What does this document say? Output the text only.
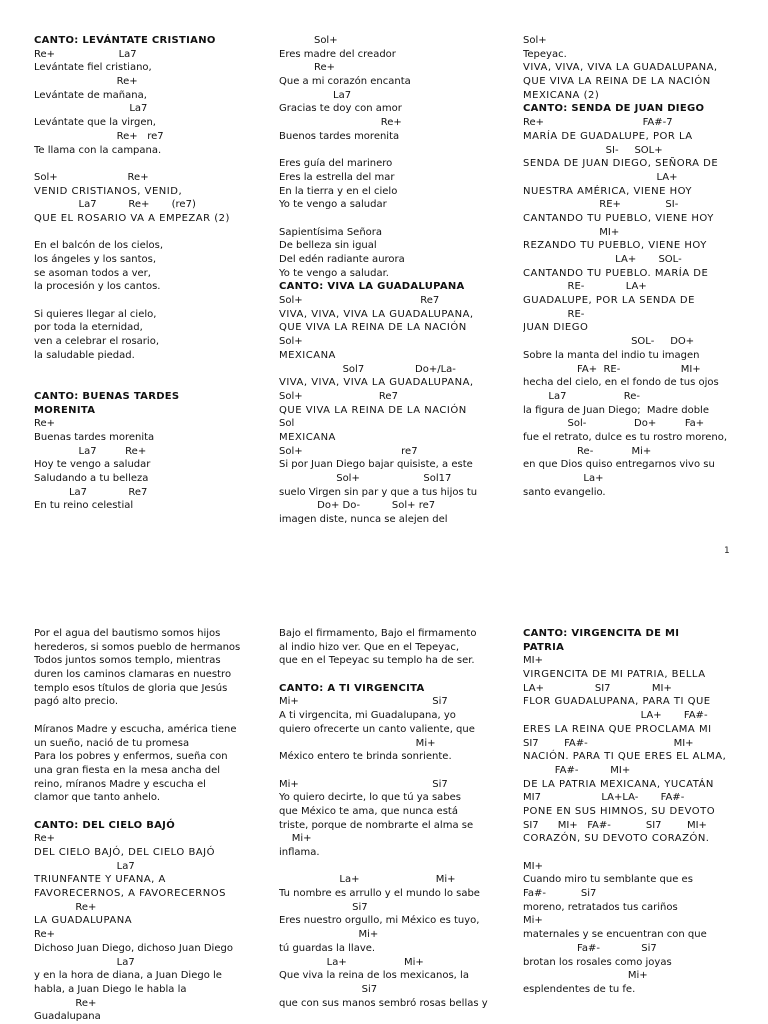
CANTO: LEVÁNTATE CRISTIANO
Re+                    La7
Levántate fiel cristiano,
Re+
Levántate de mañana,
La7
Levántate que la virgen,
Re+   re7
Te llama con la campana.
Sol+                      Re+
VENID CRISTIANOS, VENID,
La7          Re+       (re7)
QUE EL ROSARIO VA A EMPEZAR (2)
En el balcón de los cielos,
los ángeles y los santos,
se asoman todos a ver,
la procesión y los cantos.
Si quieres llegar al cielo,
por toda la eternidad,
ven a celebrar el rosario,
la saludable piedad.
CANTO: BUENAS TARDES
MORENITA
Re+
Buenas tardes morenita
La7         Re+
Hoy te vengo a saludar
Saludando a tu belleza
La7             Re7
En tu reino celestial
Sol+
Eres madre del creador
Re+
Que a mi corazón encanta
La7
Gracias te doy con amor
Re+
Buenos tardes morenita
Eres guía del marinero
Eres la estrella del mar
En la tierra y en el cielo
Yo te vengo a saludar
Sapientísima Señora
De belleza sin igual
Del edén radiante aurora
Yo te vengo a saludar.
CANTO: VIVA LA GUADALUPANA
Sol+                                     Re7
VIVA, VIVA, VIVA LA GUADALUPANA,
QUE VIVA LA REINA DE LA NACIÓN
Sol+
MEXICANA
Sol7                Do+/La-
VIVA, VIVA, VIVA LA GUADALUPANA,
Sol+                        Re7
QUE VIVA LA REINA DE LA NACIÓN
Sol
MEXICANA
Sol+                               re7
Si por Juan Diego bajar quisiste, a este
Sol+                    Sol17
suelo Virgen sin par y que a tus hijos tu
Do+ Do-          Sol+ re7
imagen diste, nunca se alejen del
Sol+
Tepeyac.
VIVA, VIVA, VIVA LA GUADALUPANA,
QUE VIVA LA REINA DE LA NACIÓN
MEXICANA (2)
CANTO: SENDA DE JUAN DIEGO
Re+                               FA#-7
MARÍA DE GUADALUPE, POR LA
SI-     SOL+
SENDA DE JUAN DIEGO, SEÑORA DE
LA+
NUESTRA AMÉRICA, VIENE HOY
RE+              SI-
CANTANDO TU PUEBLO, VIENE HOY
MI+
REZANDO TU PUEBLO, VIENE HOY
LA+       SOL-
CANTANDO TU PUEBLO. MARÍA DE
RE-             LA+
GUADALUPE, POR LA SENDA DE
RE-
JUAN DIEGO
SOL-     DO+
Sobre la manta del indio tu imagen
FA+  RE-                   MI+
hecha del cielo, en el fondo de tus ojos
La7                  Re-
la figura de Juan Diego;  Madre doble
Sol-               Do+         Fa+
fue el retrato, dulce es tu rostro moreno,
Re-            Mi+
en que Dios quiso entregarnos vivo su
La+
santo evangelio.
1
Por el agua del bautismo somos hijos
herederos, si somos pueblo de hermanos
Todos juntos somos templo, mientras
duren los caminos clamaras en nuestro
templo esos títulos de gloria que Jesús
pagó alto precio.
Míranos Madre y escucha, américa tiene
un sueño, nació de tu promesa
Para los pobres y enfermos, sueña con
una gran fiesta en la mesa ancha del
reino, míranos Madre y escucha el
clamor que tanto anhelo.
CANTO: DEL CIELO BAJÓ
Re+
DEL CIELO BAJÓ, DEL CIELO BAJÓ
La7
TRIUNFANTE Y UFANA, A
FAVORECERNOS, A FAVORECERNOS
Re+
LA GUADALUPANA
Re+
Dichoso Juan Diego, dichoso Juan Diego
La7
y en la hora de diana, a Juan Diego le
habla, a Juan Diego le habla la
Re+
Guadalupana
Bajo el firmamento, Bajo el firmamento
al indio hizo ver. Que en el Tepeyac,
que en el Tepeyac su templo ha de ser.
CANTO: A TI VIRGENCITA
Mi+                                          Si7
A ti virgencita, mi Guadalupana, yo
quiero ofrecerte un canto valiente, que
Mi+
México entero te brinda sonriente.
Mi+                                          Si7
Yo quiero decirte, lo que tú ya sabes
que México te ama, que nunca está
triste, porque de nombrarte el alma se
Mi+
inflama.
La+                        Mi+
Tu nombre es arrullo y el mundo lo sabe
Si7
Eres nuestro orgullo, mi México es tuyo,
Mi+
tú guardas la llave.
La+                  Mi+
Que viva la reina de los mexicanos, la
Si7
que con sus manos sembró rosas bellas y
CANTO: VIRGENCITA DE MI
PATRIA
MI+
VIRGENCITA DE MI PATRIA, BELLA
LA+                SI7             MI+
FLOR GUADALUPANA, PARA TI QUE
LA+       FA#-
ERES LA REINA QUE PROCLAMA MI
SI7        FA#-                           MI+
NACIÓN. PARA TI QUE ERES EL ALMA,
FA#-          MI+
DE LA PATRIA MEXICANA, YUCATÁN
MI7                   LA+LA-       FA#-
PONE EN SUS HIMNOS, SU DEVOTO
SI7      MI+   FA#-           SI7        MI+
CORAZÓN, SU DEVOTO CORAZÓN.
MI+
Cuando miro tu semblante que es
Fa#-           Si7
moreno, retratados tus cariños
Mi+
maternales y se encuentran con que
Fa#-             Si7
brotan los rosales como joyas
Mi+
esplendentes de tu fe.
